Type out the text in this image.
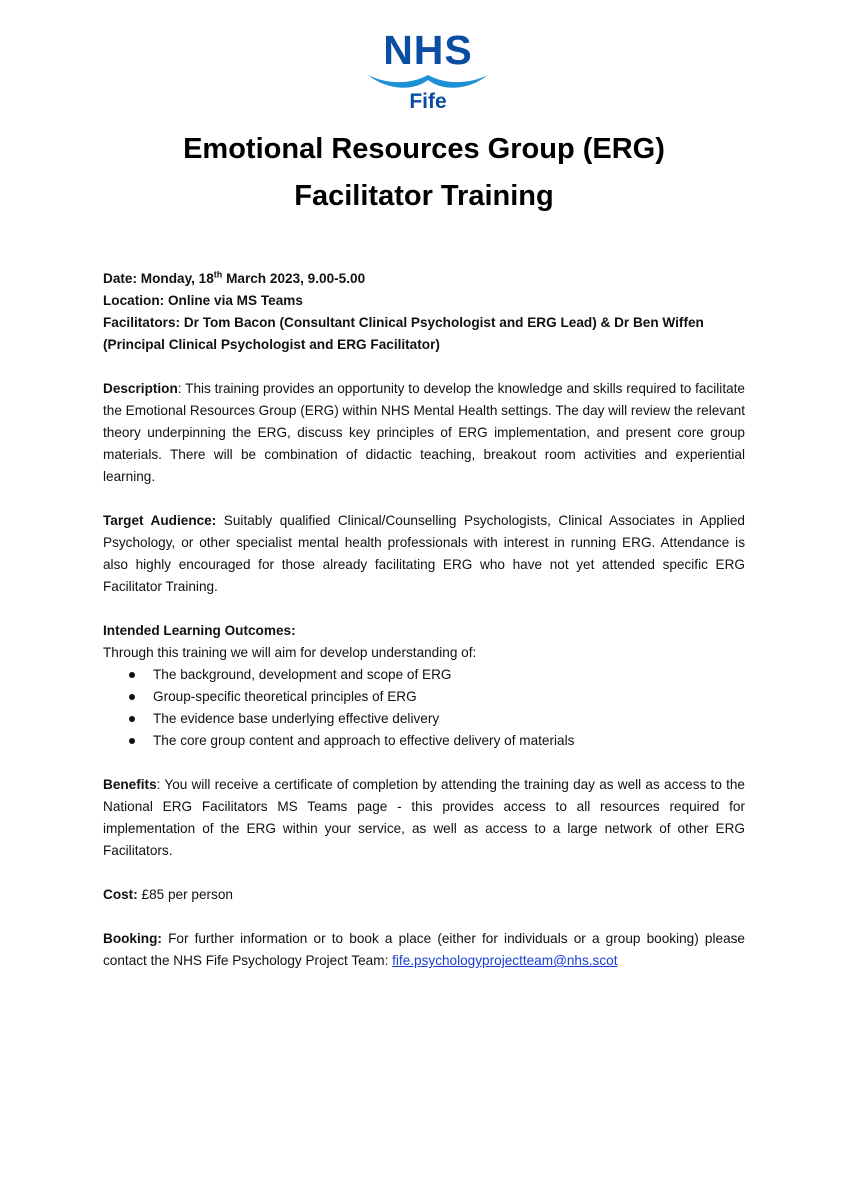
NHS
Fife
Emotional Resources Group (ERG)
Facilitator Training

Date: Monday, 18th March 2023, 9.00-5.00

Location: Online via MS Teams

Facilitators: Dr Tom Bacon (Consultant Clinical Psychologist and ERG Lead) & Dr Ben Wiffen (Principal Clinical Psychologist and ERG Facilitator)

Description: This training provides an opportunity to develop the knowledge and skills required to facilitate the Emotional Resources Group (ERG) within NHS Mental Health settings. The day will review the relevant theory underpinning the ERG, discuss key principles of ERG implementation, and present core group materials. There will be combination of didactic teaching, breakout room activities and experiential learning.

Target Audience: Suitably qualified Clinical/Counselling Psychologists, Clinical Associates in Applied Psychology, or other specialist mental health professionals with interest in running ERG. Attendance is also highly encouraged for those already facilitating ERG who have not yet attended specific ERG Facilitator Training.

Intended Learning Outcomes:

Through this training we will aim for develop understanding of:

The background, development and scope of ERG
Group-specific theoretical principles of ERG
The evidence base underlying effective delivery
The core group content and approach to effective delivery of materials

Benefits: You will receive a certificate of completion by attending the training day as well as access to the National ERG Facilitators MS Teams page - this provides access to all resources required for implementation of the ERG within your service, as well as access to a large network of other ERG Facilitators.

Cost: £85 per person

Booking: For further information or to book a place (either for individuals or a group booking) please contact the NHS Fife Psychology Project Team: fife.psychologyprojectteam@nhs.scot
